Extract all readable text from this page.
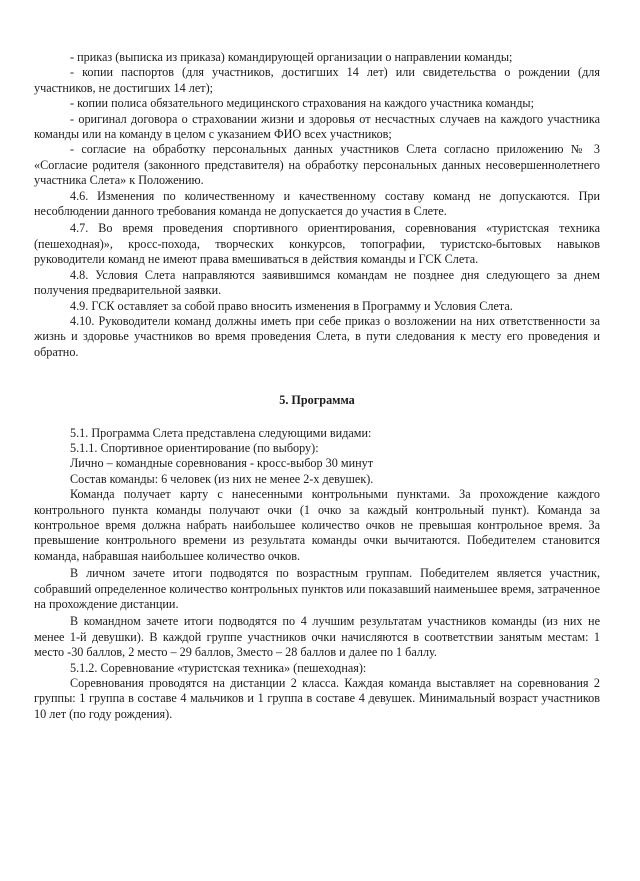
- приказ (выписка из приказа) командирующей организации о направлении команды;

- копии паспортов (для участников, достигших 14 лет) или свидетельства о рождении (для участников, не достигших 14 лет);

- копии полиса обязательного медицинского страхования на каждого участника команды;

- оригинал договора о страховании жизни и здоровья от несчастных случаев на каждого участника команды или на команду в целом с указанием ФИО всех участников;

- согласие на обработку персональных данных участников Слета согласно приложению № 3 «Согласие родителя (законного представителя) на обработку персональных данных несовершеннолетнего участника Слета» к Положению.

4.6. Изменения по количественному и качественному составу команд не допускаются. При несоблюдении данного требования команда не допускается до участия в Слете.

4.7. Во время проведения спортивного ориентирования, соревнования «туристская техника (пешеходная)», кросс-похода, творческих конкурсов, топографии, туристско-бытовых навыков руководители команд не имеют права вмешиваться в действия команды и ГСК Слета.

4.8. Условия Слета направляются заявившимся командам не позднее дня следующего за днем получения предварительной заявки.

4.9. ГСК оставляет за собой право вносить изменения в Программу и Условия Слета.

4.10. Руководители команд должны иметь при себе приказ о возложении на них ответственности за жизнь и здоровье участников во время проведения Слета, в пути следования к месту его проведения и обратно.

5. Программа

5.1. Программа Слета представлена следующими видами:

5.1.1. Спортивное ориентирование (по выбору):

Лично – командные соревнования - кросс-выбор 30 минут

Состав команды: 6 человек (из них не менее 2-х девушек).

Команда получает карту с нанесенными контрольными пунктами. За прохождение каждого контрольного пункта команды получают очки (1 очко за каждый контрольный пункт). Команда за контрольное время должна набрать наибольшее количество очков не превышая контрольное время. За превышение контрольного времени из результата команды очки вычитаются. Победителем становится команда, набравшая наибольшее количество очков.

В личном зачете итоги подводятся по возрастным группам. Победителем является участник, собравший определенное количество контрольных пунктов или показавший наименьшее время, затраченное на прохождение дистанции.

В командном зачете итоги подводятся по 4 лучшим результатам участников команды (из них не менее 1-й девушки). В каждой группе участников очки начисляются в соответствии занятым местам: 1 место -30 баллов, 2 место – 29 баллов, 3место – 28 баллов и далее по 1 баллу.

5.1.2. Соревнование «туристская техника» (пешеходная):

Соревнования проводятся на дистанции 2 класса. Каждая команда выставляет на соревнования 2 группы: 1 группа в составе 4 мальчиков и 1 группа в составе 4 девушек. Минимальный возраст участников 10 лет (по году рождения).
